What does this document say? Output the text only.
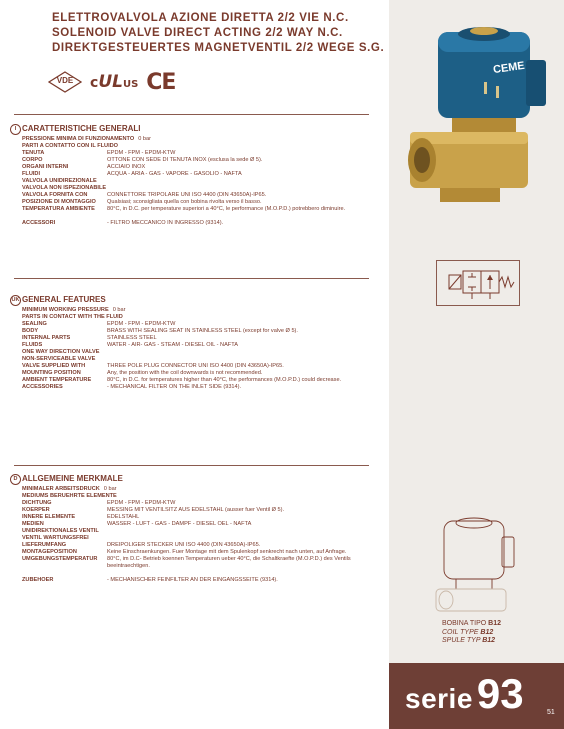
ELETTROVALVOLA AZIONE DIRETTA 2/2 VIE N.C.
SOLENOID VALVE DIRECT ACTING 2/2 WAY N.C.
DIREKTGESTEUERTES MAGNETVENTIL 2/2 WEGE S.G.
VDE	cULUS CE
CEME
I CARATTERISTICHE GENERALI
PRESSIONE MINIMA DI FUNZIONAMENTO 0 bar
PARTI A CONTATTO CON IL FLUIDO
TENUTA	EPDM - FPM - EPDM-KTW
CORPO	OTTONE CON SEDE DI TENUTA INOX (esclusa la sede Ø 5).
ORGANI INTERNI	ACCIAIO INOX
FLUIDI	ACQUA - ARIA - GAS - VAPORE - GASOLIO - NAFTA
VALVOLA UNIDIREZIONALE
VALVOLA NON ISPEZIONABILE
VALVOLA FORNITA CON	CONNETTORE TRIPOLARE UNI ISO 4400 (DIN 43650A)-IP65.
POSIZIONE DI MONTAGGIO	Qualsiasi; sconsigliata quella con bobina rivolta verso il basso.
TEMPERATURA AMBIENTE	80°C, in D.C. per temperature superiori a 40°C, le performance (M.O.P.D.) potrebbero diminuire.
ACCESSORI	- FILTRO MECCANICO IN INGRESSO (9314).
UK GENERAL FEATURES
MINIMUM WORKING PRESSURE 0 bar
PARTS IN CONTACT WITH THE FLUID
SEALING	EPDM - FPM - EPDM-KTW
BODY	BRASS WITH SEALING SEAT IN STAINLESS STEEL (except for valve Ø 5).
INTERNAL PARTS	STAINLESS STEEL
FLUIDS	WATER - AIR- GAS - STEAM - DIESEL OIL - NAFTA
ONE WAY DIRECTION VALVE
NON-SERVICEABLE VALVE
VALVE SUPPLIED WITH	THREE POLE PLUG CONNECTOR UNI ISO 4400 (DIN 43650A)-IP65.
MOUNTING POSITION	Any, the position with the coil downwards is not recommended.
AMBIENT TEMPERATURE	80°C, in D.C. for temperatures higher than 40°C, the performances (M.O.P.D.) could decrease.
ACCESSORIES	- MECHANICAL FILTER ON THE INLET SIDE (9314).
D ALLGEMEINE MERKMALE
MINIMALER ARBEITSDRUCK 0 bar
MEDIUMS BERUEHRTE ELEMENTE
DICHTUNG	EPDM - FPM - EPDM-KTW
KOERPER	MESSING MIT VENTILSITZ AUS EDELSTAHL (ausser fuer Ventil Ø 5).
INNERE ELEMENTE	EDELSTAHL
MEDIEN	WASSER - LUFT - GAS - DAMPF - DIESEL OEL - NAFTA
UNIDIREKTIONALES VENTIL
VENTIL WARTUNGSFREI
LIEFERUMFANG	DREIPOLIGER STECKER UNI ISO 4400 (DIN 43650A)-IP65.
MONTAGEPOSITION	Keine Einschraenkungen. Fuer Montage mit dem Spulenkopf senkrecht nach unten, auf Anfrage.
UMGEBUNGSTEMPERATUR	80°C, im D.C- Betrieb koennen Temperaturen ueber 40°C, die Schaltkraefte (M.O.P.D.) des Ventils beeintraechtigen.
ZUBEHOER	- MECHANISCHER FEINFILTER AN DER EINGANGSSEITE (9314).
BOBINA TIPO B12
COIL TYPE B12
SPULE TYP B12
serie93	51
